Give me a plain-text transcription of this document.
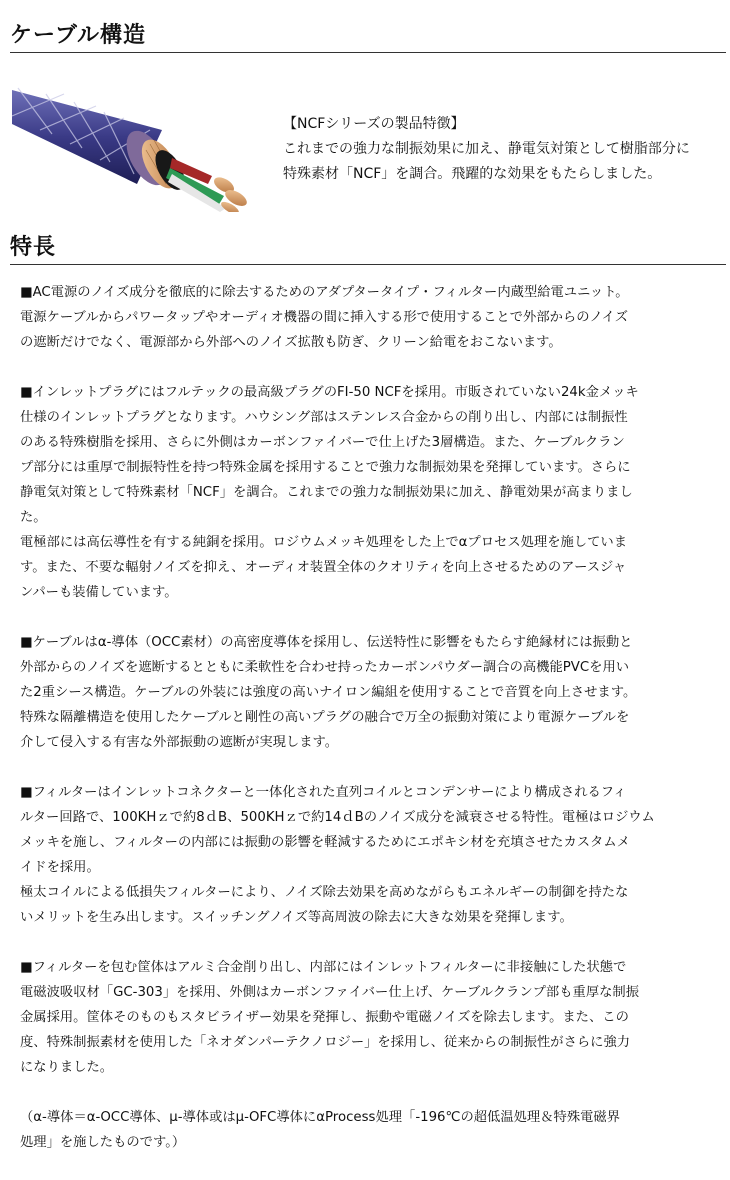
ケーブル構造
【NCFシリーズの製品特徴】
これまでの強力な制振効果に加え、静電気対策として樹脂部分に
特殊素材「NCF」を調合。飛躍的な効果をもたらしました。
特長
■AC電源のノイズ成分を徹底的に除去するためのアダプタータイプ・フィルター内蔵型給電ユニット。
電源ケーブルからパワータップやオーディオ機器の間に挿入する形で使用することで外部からのノイズ
の遮断だけでなく、電源部から外部へのノイズ拡散も防ぎ、クリーン給電をおこないます。
■インレットプラグにはフルテックの最高級プラグのFI-50 NCFを採用。市販されていない24k金メッキ
仕様のインレットプラグとなります。ハウシング部はステンレス合金からの削り出し、内部には制振性
のある特殊樹脂を採用、さらに外側はカーボンファイバーで仕上げた3層構造。また、ケーブルクラン
プ部分には重厚で制振特性を持つ特殊金属を採用することで強力な制振効果を発揮しています。さらに
静電気対策として特殊素材「NCF」を調合。これまでの強力な制振効果に加え、静電効果が高まりまし
た。
電極部には高伝導性を有する純銅を採用。ロジウムメッキ処理をした上でαプロセス処理を施していま
す。また、不要な輻射ノイズを抑え、オーディオ装置全体のクオリティを向上させるためのアースジャ
ンパーも装備しています。
■ケーブルはα-導体（OCC素材）の高密度導体を採用し、伝送特性に影響をもたらす絶縁材には振動と
外部からのノイズを遮断するとともに柔軟性を合わせ持ったカーボンパウダー調合の高機能PVCを用い
た2重シース構造。ケーブルの外装には強度の高いナイロン編組を使用することで音質を向上させます。
特殊な隔離構造を使用したケーブルと剛性の高いプラグの融合で万全の振動対策により電源ケーブルを
介して侵入する有害な外部振動の遮断が実現します。
■フィルターはインレットコネクターと一体化された直列コイルとコンデンサーにより構成されるフィ
ルター回路で、100KHｚで約8ｄB、500KHｚで約14ｄBのノイズ成分を減衰させる特性。電極はロジウム
メッキを施し、フィルターの内部には振動の影響を軽減するためにエポキシ材を充填させたカスタムメ
イドを採用。
極太コイルによる低損失フィルターにより、ノイズ除去効果を高めながらもエネルギーの制御を持たな
いメリットを生み出します。スイッチングノイズ等高周波の除去に大きな効果を発揮します。
■フィルターを包む筐体はアルミ合金削り出し、内部にはインレットフィルターに非接触にした状態で
電磁波吸収材「GC-303」を採用、外側はカーボンファイバー仕上げ、ケーブルクランプ部も重厚な制振
金属採用。筐体そのものもスタビライザー効果を発揮し、振動や電磁ノイズを除去します。また、この
度、特殊制振素材を使用した「ネオダンパーテクノロジー」を採用し、従来からの制振性がさらに強力
になりました。
（α-導体＝α-OCC導体、μ-導体或はμ-OFC導体にαProcess処理「-196℃の超低温処理＆特殊電磁界
処理」を施したものです。）
